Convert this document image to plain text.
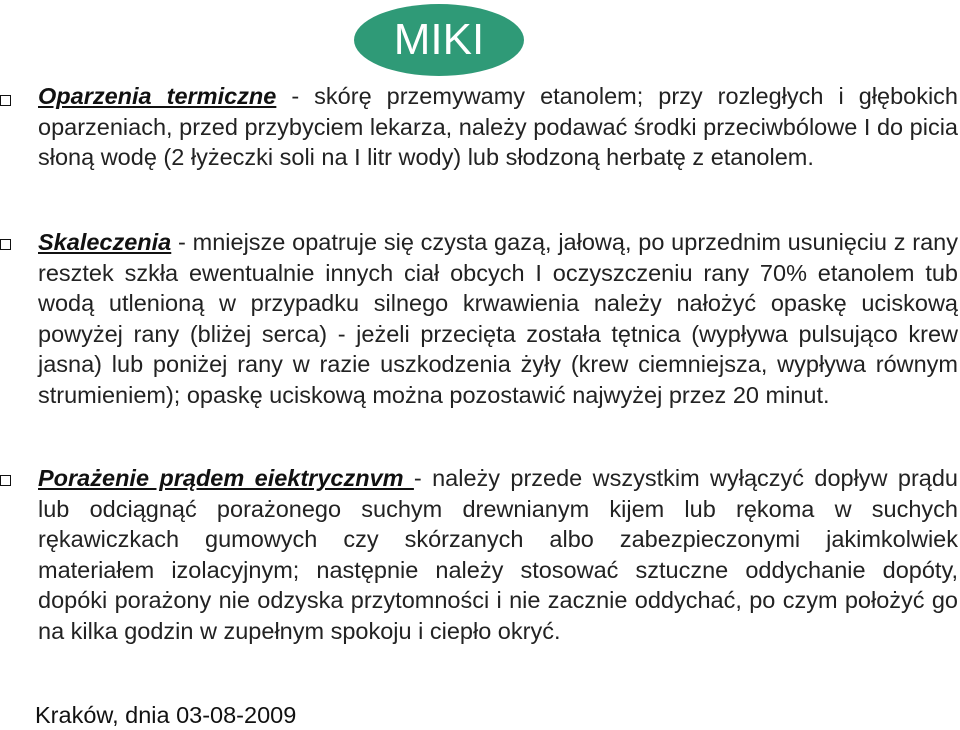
MIKI
Oparzenia termiczne - skórę przemywamy etanolem; przy rozległych i głębokich oparzeniach, przed przybyciem lekarza, należy podawać środki przeciwbólowe I do picia słoną wodę (2 łyżeczki soli na I litr wody) lub słodzoną herbatę z etanolem.
Skaleczenia - mniejsze opatruje się czysta gazą, jałową, po uprzednim usunięciu z rany resztek szkła ewentualnie innych ciał obcych I oczyszczeniu rany 70% etanolem tub wodą utlenioną w przypadku silnego krwawienia należy nałożyć opaskę uciskową powyżej rany (bliżej serca) - jeżeli przecięta została tętnica (wypływa pulsująco krew jasna) lub poniżej rany w razie uszkodzenia żyły (krew ciemniejsza, wypływa równym strumieniem); opaskę uciskową można pozostawić najwyżej przez 20 minut.
Porażenie prądem eiektrycznvm - należy przede wszystkim wyłączyć dopływ prądu lub odciągnąć porażonego suchym drewnianym kijem lub rękoma w suchych rękawiczkach gumowych czy skórzanych albo zabezpieczonymi jakimkolwiek materiałem izolacyjnym; następnie należy stosować sztuczne oddychanie dopóty, dopóki porażony nie odzyska przytomności i nie zacznie oddychać, po czym położyć go na kilka godzin w zupełnym spokoju i ciepło okryć.
Kraków, dnia 03-08-2009
